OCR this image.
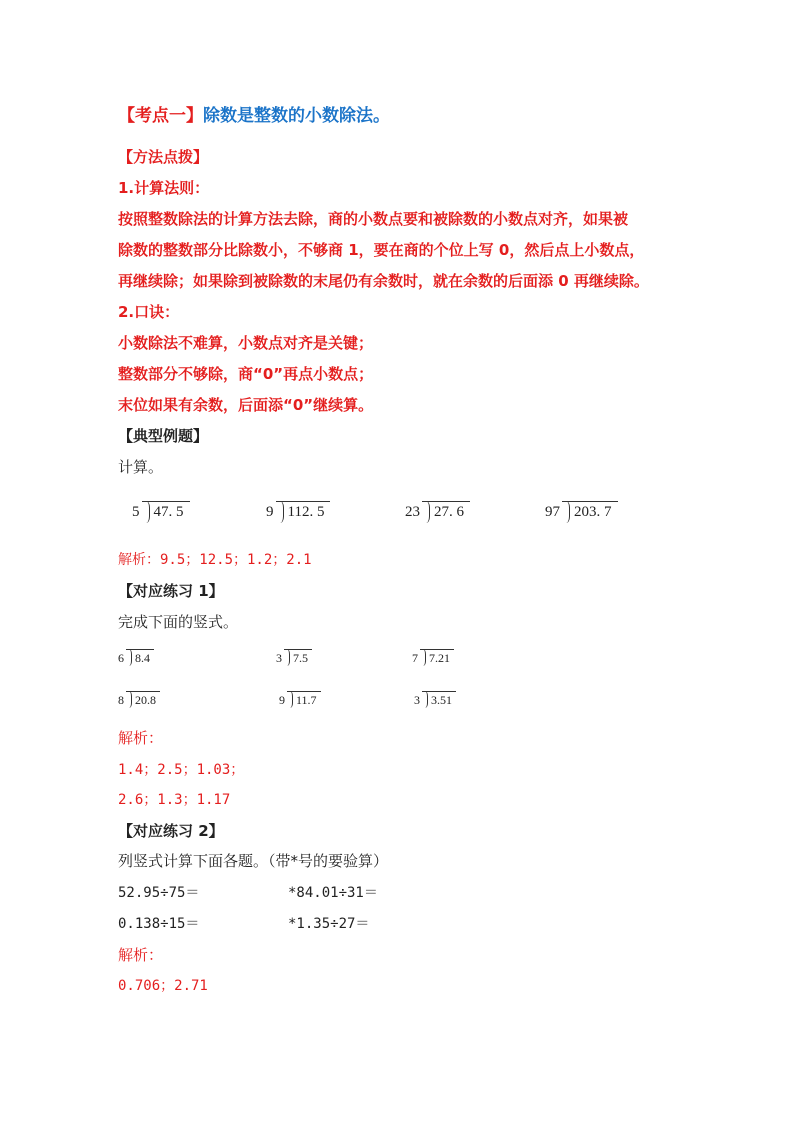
【考点一】除数是整数的小数除法。
【方法点拨】
1.计算法则：
按照整数除法的计算方法去除，商的小数点要和被除数的小数点对齐，如果被
除数的整数部分比除数小，不够商 1，要在商的个位上写 0，然后点上小数点，
再继续除；如果除到被除数的末尾仍有余数时，就在余数的后面添 0 再继续除。
2.口诀：
小数除法不难算，小数点对齐是关键；
整数部分不够除，商“0”再点小数点；
末位如果有余数，后面添“0”继续算。
【典型例题】
计算。
5 47. 5	9 112. 5	23 27. 6	97 203. 7
解析：9.5；12.5；1.2；2.1
【对应练习 1】
完成下面的竖式。
6 8.4	3 7.5	7 7.21
8 20.8	9 11.7	3 3.51
解析：
1.4；2.5；1.03；
2.6；1.3；1.17
【对应练习 2】
列竖式计算下面各题。（带*号的要验算）
52.95÷75＝	*84.01÷31＝
0.138÷15＝	*1.35÷27＝
解析：
0.706；2.71
